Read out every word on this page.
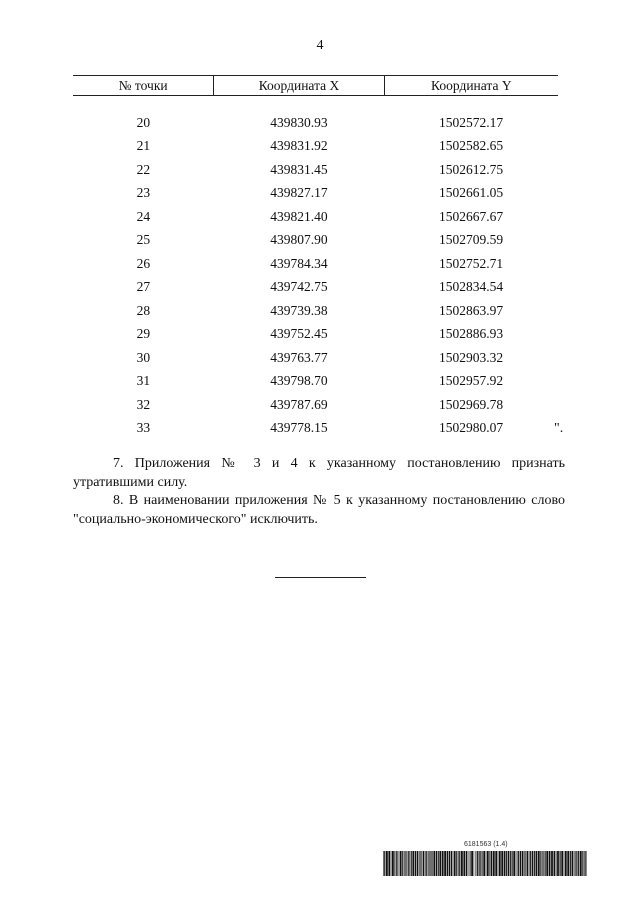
4
№ точки	Координата X	Координата Y
20	439830.93	1502572.17
21	439831.92	1502582.65
22	439831.45	1502612.75
23	439827.17	1502661.05
24	439821.40	1502667.67
25	439807.90	1502709.59
26	439784.34	1502752.71
27	439742.75	1502834.54
28	439739.38	1502863.97
29	439752.45	1502886.93
30	439763.77	1502903.32
31	439798.70	1502957.92
32	439787.69	1502969.78
33	439778.15	1502980.07	".

7. Приложения № 3 и 4 к указанному постановлению признать утратившими силу.

8. В наименовании приложения № 5 к указанному постановлению слово "социально-экономического" исключить.

6181563 (1.4)
